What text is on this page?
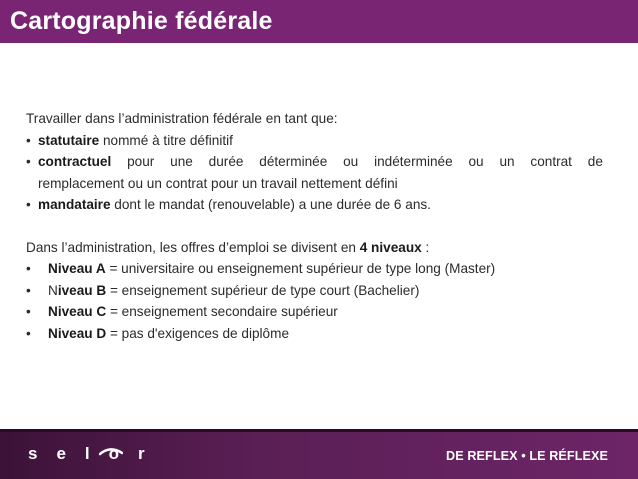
Cartographie fédérale
Travailler dans l’administration fédérale en tant que:
• statutaire nommé à titre définitif
• contractuel pour une durée déterminée ou indéterminée ou un contrat de
remplacement ou un contrat pour un travail nettement défini
• mandataire dont le mandat (renouvelable) a une durée de 6 ans.
Dans l’administration, les offres d’emploi se divisent en 4 niveaux :
• Niveau A = universitaire ou enseignement supérieur de type long (Master)
• Niveau B = enseignement supérieur de type court (Bachelier)
• Niveau C = enseignement secondaire supérieur
• Niveau D = pas d'exigences de diplôme
selor	DE REFLEX • LE RÉFLEXE
